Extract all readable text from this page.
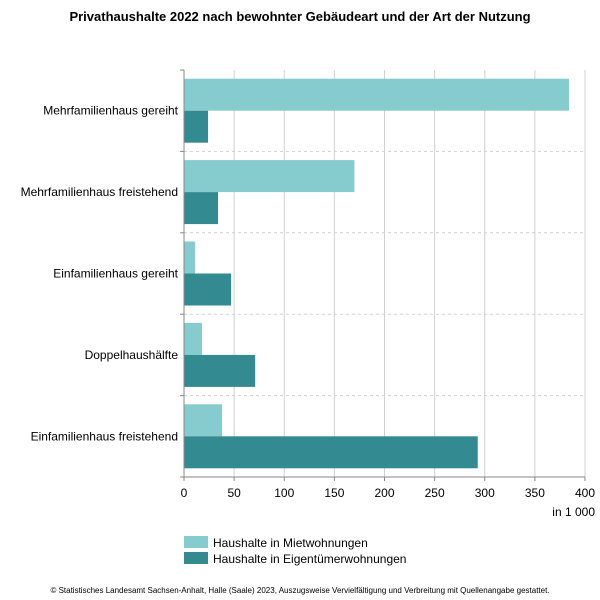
Privathaushalte 2022 nach bewohnter Gebäudeart und der Art der Nutzung
Mehrfamilienhaus gereiht
Mehrfamilienhaus freistehend
Einfamilienhaus gereiht
Doppelhaushälfte
Einfamilienhaus freistehend
0	50	100	150	200	250	300	350	400
in 1 000
Haushalte in Mietwohnungen
Haushalte in Eigentümerwohnungen
© Statistisches Landesamt Sachsen-Anhalt, Halle (Saale) 2023, Auszugsweise Vervielfältigung und Verbreitung mit Quellenangabe gestattet.
